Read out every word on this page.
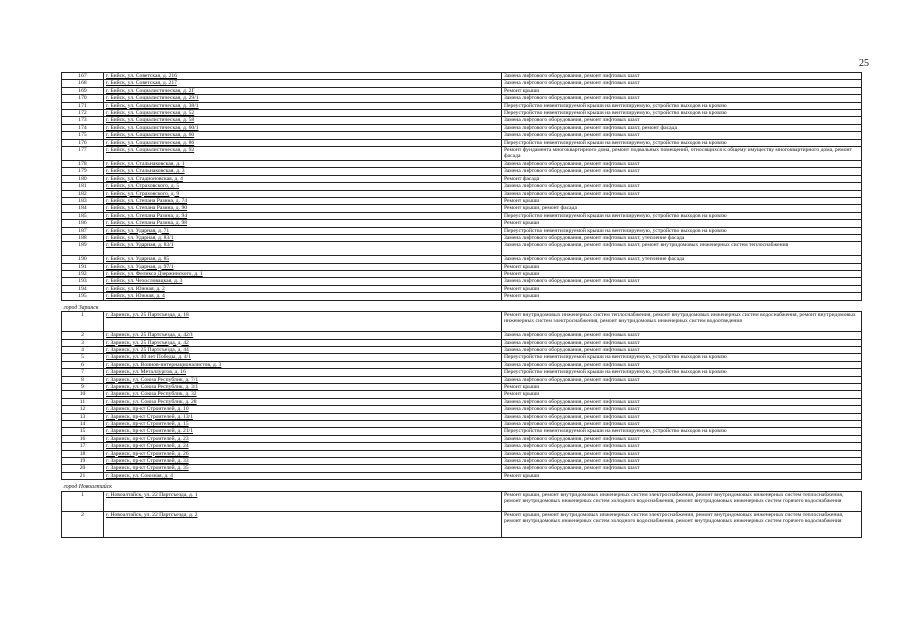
25
167	г. Бийск, ул. Советская, д. 216	Замена лифтового оборудования, ремонт лифтовых шахт
168	г. Бийск, ул. Советская, д. 217	Замена лифтового оборудования, ремонт лифтовых шахт
169	г. Бийск, ул. Социалистическая, д. 2Г	Ремонт крыши
170	г. Бийск, ул. Социалистическая, д. 29/1	Замена лифтового оборудования, ремонт лифтовых шахт
171	г. Бийск, ул. Социалистическая, д. 38/1	Переустройство невентилируемой крыши на вентилируемую, устройство выходов на кровлю
172	г. Бийск, ул. Социалистическая, д. 52	Переустройство невентилируемой крыши на вентилируемую, устройство выходов на кровлю
173	г. Бийск, ул. Социалистическая, д. 58	Замена лифтового оборудования, ремонт лифтовых шахт
174	г. Бийск, ул. Социалистическая, д. 60/1	Замена лифтового оборудования, ремонт лифтовых шахт, ремонт фасада
175	г. Бийск, ул. Социалистическая, д. 60	Замена лифтового оборудования, ремонт лифтовых шахт
176	г. Бийск, ул. Социалистическая, д. 86	Переустройство невентилируемой крыши на вентилируемую, устройство выходов на кровлю
177	г. Бийск, ул. Социалистическая, д. 92	Ремонт фундамента многоквартирного дома, ремонт подвальных помещений, относящихся к общему имуществу многоквартирного дома, ремонт фасада
178	г. Бийск, ул. Стальнаковская, д. 1	Замена лифтового оборудования, ремонт лифтовых шахт
179	г. Бийск, ул. Стальнаковская, д. 3	Замена лифтового оборудования, ремонт лифтовых шахт
180	г. Бийск, ул. Стадионовская, д. 4	Ремонт фасада
181	г. Бийск, ул. Страховского, д. 5	Замена лифтового оборудования, ремонт лифтовых шахт
182	г. Бийск, ул. Страховского, д. 9	Замена лифтового оборудования, ремонт лифтовых шахт
183	г. Бийск, ул. Степана Разина, д. 74	Ремонт крыши
184	г. Бийск, ул. Степана Разина, д. 90	Ремонт крыши, ремонт фасада
185	г. Бийск, ул. Степана Разина, д. 94	Переустройство невентилируемой крыши на вентилируемую, устройство выходов на кровлю
186	г. Бийск, ул. Степана Разина, д. 98	Ремонт крыши
187	г. Бийск, ул. Ударная, д. 71	Переустройство невентилируемой крыши на вентилируемую, устройство выходов на кровлю
188	г. Бийск, ул. Ударная, д. 83/1	Замена лифтового оборудования, ремонт лифтовых шахт, утепление фасада
189	г. Бийск, ул. Ударная, д. 83/1	Замена лифтового оборудования, ремонт лифтовых шахт, ремонт внутридомовых инженерных систем теплоснабжения
190	г. Бийск, ул. Ударная, д. 85	Замена лифтового оборудования, ремонт лифтовых шахт, утепление фасада
191	г. Бийск, ул. Ударная, д. 97/1	Ремонт крыши
192	г. Бийск, ул. Феликса Дзержинского, д. 1	Ремонт крыши
193	г. Бийск, ул. Чехословацкая, д. 3	Замена лифтового оборудования, ремонт лифтовых шахт
194	г. Бийск, ул. Южная, д. 2	Ремонт крыши
195	г. Бийск, ул. Южная, д. 4	Ремонт крыши
город Заринск		
1	г. Заринск, ул. 25 Партсъезда, д. 18	Ремонт внутридомовых инженерных систем теплоснабжения, ремонт внутридомовых инженерных систем водоснабжения, ремонт внутридомовых инженерных систем электроснабжения, ремонт внутридомовых инженерных систем водоотведения
2	г. Заринск, ул. 25 Партсъезда, д. 42/1	Замена лифтового оборудования, ремонт лифтовых шахт
3	г. Заринск, ул. 25 Партсъезда, д. 42	Замена лифтового оборудования, ремонт лифтовых шахт
4	г. Заринск, ул. 25 Партсъезда, д. 44	Замена лифтового оборудования, ремонт лифтовых шахт
5	г. Заринск, ул. 40 лет Победы, д. 4/1	Переустройство невентилируемой крыши на вентилируемую, устройство выходов на кровлю
6	г. Заринск, ул. Воинов-интернационалистов, д. 3	Замена лифтового оборудования, ремонт лифтовых шахт
7	г. Заринск, ул. Металлургов, д. 16	Переустройство невентилируемой крыши на вентилируемую, устройство выходов на кровлю
8	г. Заринск, ул. Союза Республик, д. 7/1	Замена лифтового оборудования, ремонт лифтовых шахт
9	г. Заринск, ул. Союза Республик, д. 3/1	Ремонт крыши
10	г. Заринск, ул. Союза Республик, д. 32	Ремонт крыши
11	г. Заринск, ул. Союза Республик, д. 28	Замена лифтового оборудования, ремонт лифтовых шахт
12	г. Заринск, пр-кт Строителей, д. 10	Замена лифтового оборудования, ремонт лифтовых шахт
13	г. Заринск, пр-кт Строителей, д. 13/1	Замена лифтового оборудования, ремонт лифтовых шахт
14	г. Заринск, пр-кт Строителей, д. 15	Замена лифтового оборудования, ремонт лифтовых шахт
15	г. Заринск, пр-кт Строителей, д. 21/1	Переустройство невентилируемой крыши на вентилируемую, устройство выходов на кровлю
16	г. Заринск, пр-кт Строителей, д. 23	Замена лифтового оборудования, ремонт лифтовых шахт
17	г. Заринск, пр-кт Строителей, д. 24	Замена лифтового оборудования, ремонт лифтовых шахт
18	г. Заринск, пр-кт Строителей, д. 26	Замена лифтового оборудования, ремонт лифтовых шахт
19	г. Заринск, пр-кт Строителей, д. 33	Замена лифтового оборудования, ремонт лифтовых шахт
20	г. Заринск, пр-кт Строителей, д. 35	Замена лифтового оборудования, ремонт лифтовых шахт
21	г. Заринск, ул. Союзная, д. 4	Ремонт крыши
город Новоалтайск		
1	г. Новоалтайск, ул. 22 Партсъезда, д. 1	Ремонт крыши, ремонт внутридомовых инженерных систем электроснабжения, ремонт внутридомовых инженерных систем теплоснабжения, ремонт внутридомовых инженерных систем холодного водоснабжения, ремонт внутридомовых инженерных систем горячего водоснабжения
2	г. Новоалтайск, ул. 22 Партсъезда, д. 2	Ремонт крыши, ремонт внутридомовых инженерных систем электроснабжения, ремонт внутридомовых инженерных систем теплоснабжения, ремонт внутридомовых инженерных систем холодного водоснабжения, ремонт внутридомовых инженерных систем горячего водоснабжения
